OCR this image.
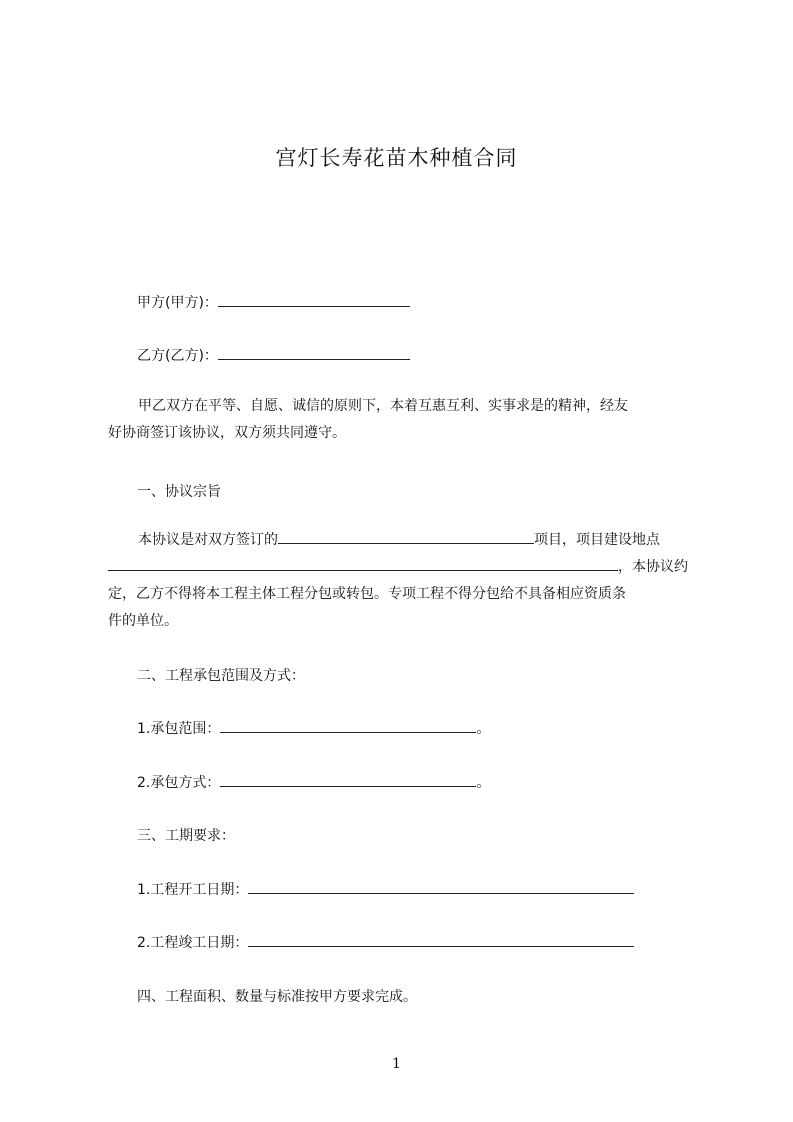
宫灯长寿花苗木种植合同
甲方(甲方)：
乙方(乙方)：
甲乙双方在平等、自愿、诚信的原则下，本着互惠互利、实事求是的精神，经友
好协商签订该协议，双方须共同遵守。
一、协议宗旨
本协议是对双方签订的	项目，项目建设地点
，本协议约
定，乙方不得将本工程主体工程分包或转包。专项工程不得分包给不具备相应资质条
件的单位。
二、工程承包范围及方式：
1.承包范围：	。
2.承包方式：	。
三、工期要求：
1.工程开工日期：
2.工程竣工日期：
四、工程面积、数量与标准按甲方要求完成。
1
